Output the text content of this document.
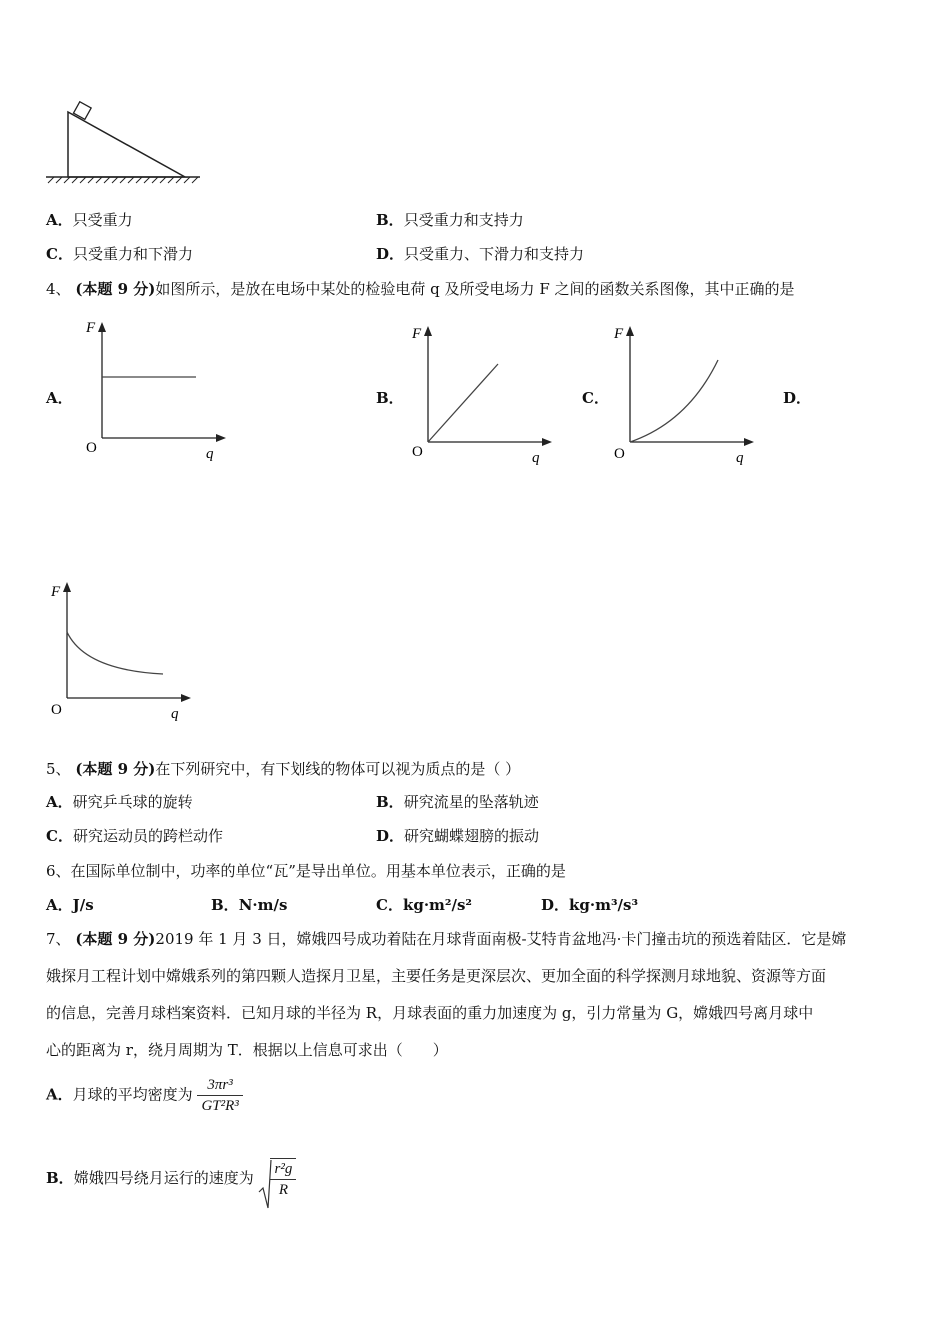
A．只受重力	B．只受重力和支持力
C．只受重力和下滑力	D．只受重力、下滑力和支持力
4、 (本题 9 分)如图所示，是放在电场中某处的检验电荷 q 及所受电场力 F 之间的函数关系图像，其中正确的是
A．	B．	C．	D．
F
O	q
F
O	q
F
O	q
F
O	q
5、 (本题 9 分)在下列研究中，有下划线的物体可以视为质点的是（ ）
A．研究乒乓球的旋转	B．研究流星的坠落轨迹
C．研究运动员的跨栏动作	D．研究蝴蝶翅膀的振动
6、在国际单位制中，功率的单位“瓦”是导出单位。用基本单位表示，正确的是
A．J/s	B．N·m/s	C．kg·m²/s²	D．kg·m³/s³
7、 (本题 9 分)2019 年 1 月 3 日，嫦娥四号成功着陆在月球背面南极-艾特肯盆地冯·卡门撞击坑的预选着陆区．它是嫦
娥探月工程计划中嫦娥系列的第四颗人造探月卫星，主要任务是更深层次、更加全面的科学探测月球地貌、资源等方面
的信息，完善月球档案资料．已知月球的半径为 R，月球表面的重力加速度为 g，引力常量为 G，嫦娥四号离月球中
心的距离为 r，绕月周期为 T．根据以上信息可求出（　　）
A．月球的平均密度为 $\frac{\text{3πr³}}{\text{GT²R³}}$
B．嫦娥四号绕月运行的速度为 $\frac{\text{r²g}}{R}$
